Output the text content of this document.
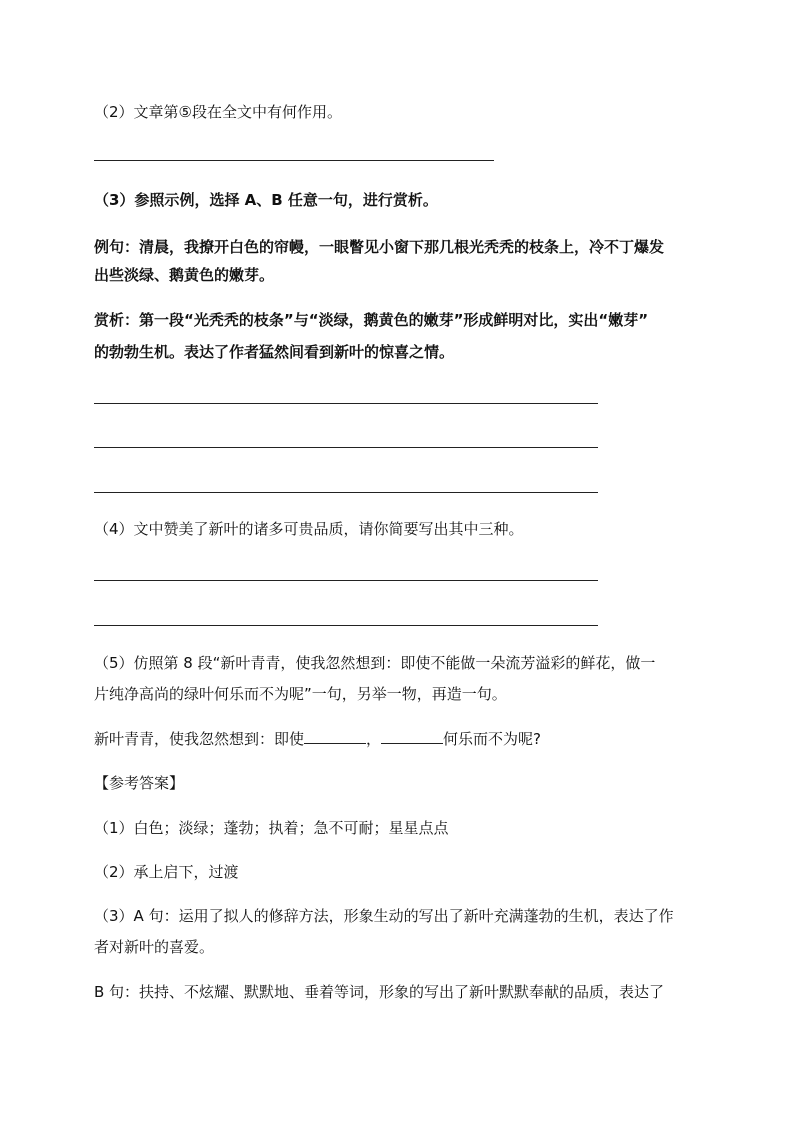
（2）文章第⑤段在全文中有何作用。
（3）参照示例，选择 A、B 任意一句，进行赏析。
例句：清晨，我撩开白色的帘幔，一眼瞥见小窗下那几根光秃秃的枝条上，冷不丁爆发
出些淡绿、鹅黄色的嫩芽。
赏析：第一段“光秃秃的枝条”与“淡绿，鹅黄色的嫩芽”形成鲜明对比，实出“嫩芽”
的勃勃生机。表达了作者猛然间看到新叶的惊喜之情。
（4）文中赞美了新叶的诸多可贵品质，请你简要写出其中三种。
（5）仿照第 8 段“新叶青青，使我忽然想到：即使不能做一朵流芳溢彩的鲜花，做一
片纯净高尚的绿叶何乐而不为呢”一句，另举一物，再造一句。
新叶青青，使我忽然想到：即使	，	何乐而不为呢?
【参考答案】
（1）白色；淡绿；蓬勃；执着；急不可耐；星星点点
（2）承上启下，过渡
（3）A 句：运用了拟人的修辞方法，形象生动的写出了新叶充满蓬勃的生机，表达了作
者对新叶的喜爱。
B 句：扶持、不炫耀、默默地、垂着等词，形象的写出了新叶默默奉献的品质，表达了
